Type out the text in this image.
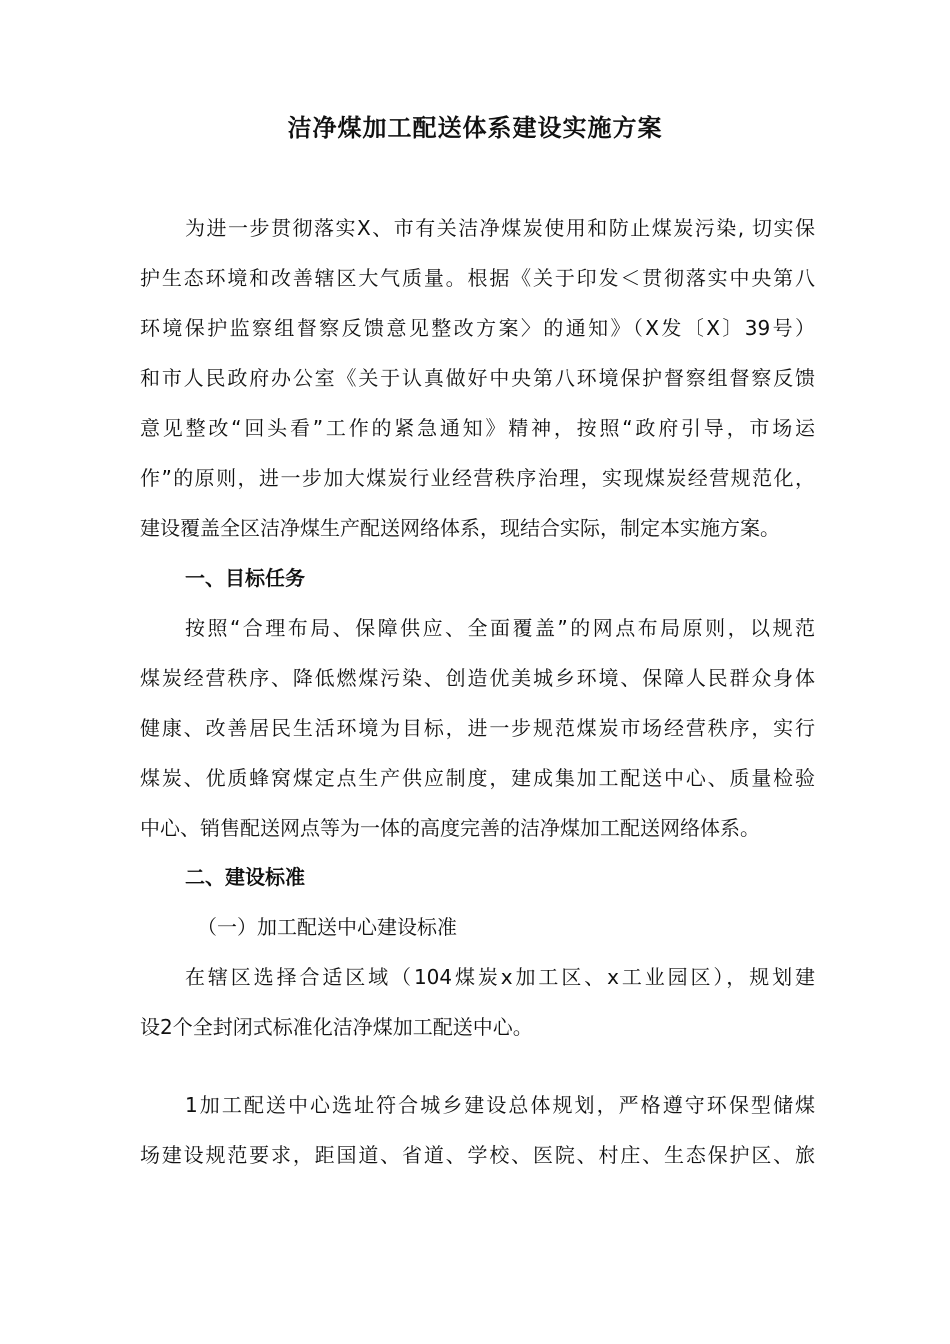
洁净煤加工配送体系建设实施方案
为进一步贯彻落实X、市有关洁净煤炭使用和防止煤炭污染, 切实保
护生态环境和改善辖区大气质量。根据《关于印发＜贯彻落实中央第八
环境保护监察组督察反馈意见整改方案〉的通知》（X发〔X〕39号）
和市人民政府办公室《关于认真做好中央第八环境保护督察组督察反馈
意见整改“回头看”工作的紧急通知》精神，按照“政府引导，市场运
作”的原则，进一步加大煤炭行业经营秩序治理，实现煤炭经营规范化，
建设覆盖全区洁净煤生产配送网络体系，现结合实际，制定本实施方案。
一、目标任务
按照“合理布局、保障供应、全面覆盖”的网点布局原则，以规范
煤炭经营秩序、降低燃煤污染、创造优美城乡环境、保障人民群众身体
健康、改善居民生活环境为目标，进一步规范煤炭市场经营秩序，实行
煤炭、优质蜂窝煤定点生产供应制度，建成集加工配送中心、质量检验
中心、销售配送网点等为一体的高度完善的洁净煤加工配送网络体系。
二、建设标准
（一）加工配送中心建设标准
在辖区选择合适区域（104煤炭x加工区、x工业园区），规划建
设2个全封闭式标准化洁净煤加工配送中心。
1加工配送中心选址符合城乡建设总体规划，严格遵守环保型储煤
场建设规范要求，距国道、省道、学校、医院、村庄、生态保护区、旅
